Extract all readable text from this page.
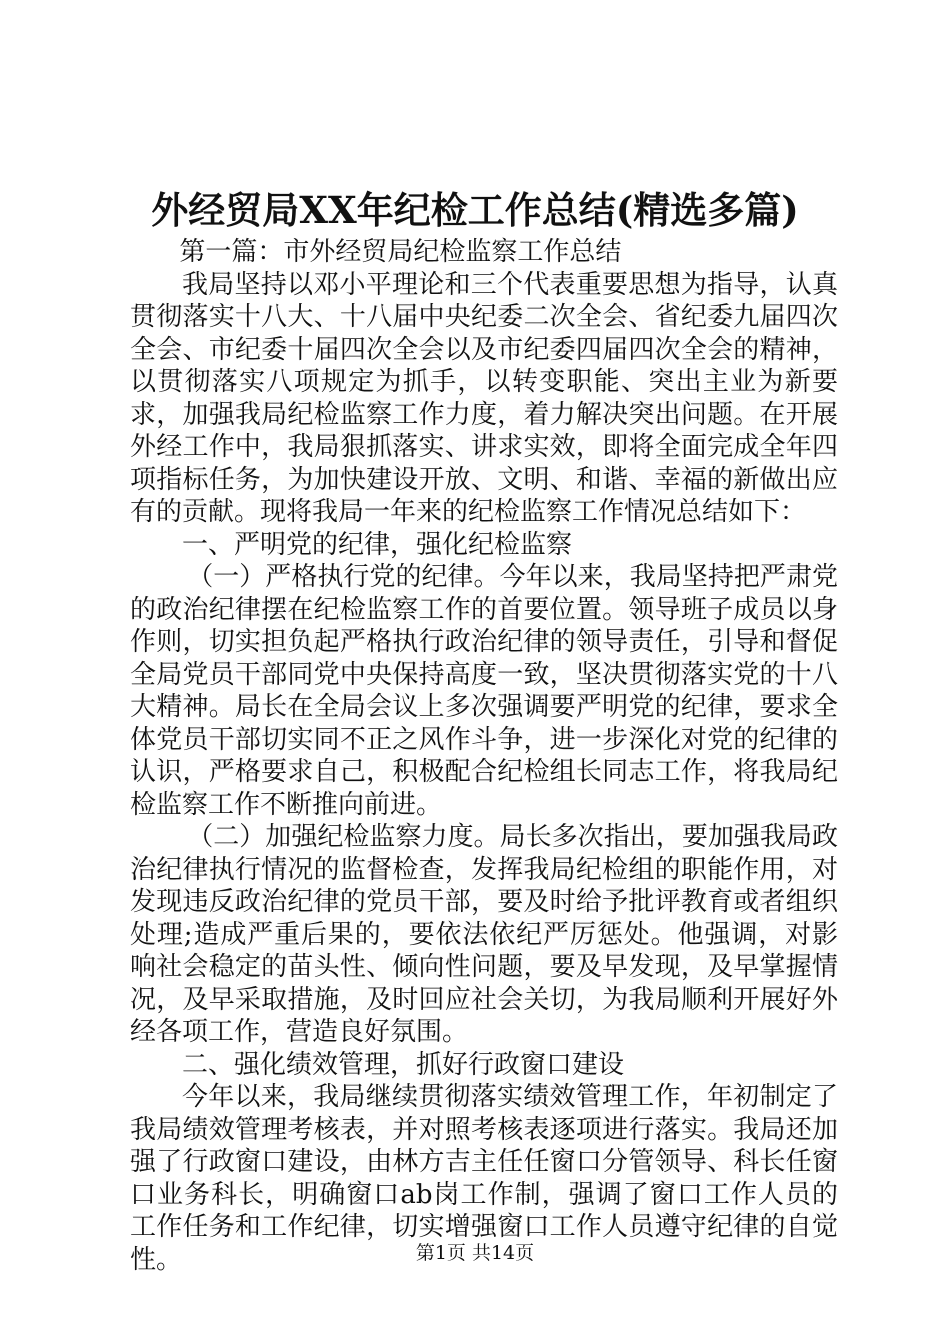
外经贸局XX年纪检工作总结(精选多篇)

第一篇：市外经贸局纪检监察工作总结

我局坚持以邓小平理论和三个代表重要思想为指导，认真贯彻落实十八大、十八届中央纪委二次全会、省纪委九届四次全会、市纪委十届四次全会以及市纪委四届四次全会的精神，以贯彻落实八项规定为抓手，以转变职能、突出主业为新要求，加强我局纪检监察工作力度，着力解决突出问题。在开展外经工作中，我局狠抓落实、讲求实效，即将全面完成全年四项指标任务，为加快建设开放、文明、和谐、幸福的新做出应有的贡献。现将我局一年来的纪检监察工作情况总结如下：

一、严明党的纪律，强化纪检监察

（一）严格执行党的纪律。今年以来，我局坚持把严肃党的政治纪律摆在纪检监察工作的首要位置。领导班子成员以身作则，切实担负起严格执行政治纪律的领导责任，引导和督促全局党员干部同党中央保持高度一致，坚决贯彻落实党的十八大精神。局长在全局会议上多次强调要严明党的纪律，要求全体党员干部切实同不正之风作斗争，进一步深化对党的纪律的认识，严格要求自己，积极配合纪检组长同志工作，将我局纪检监察工作不断推向前进。

（二）加强纪检监察力度。局长多次指出，要加强我局政治纪律执行情况的监督检查，发挥我局纪检组的职能作用，对发现违反政治纪律的党员干部，要及时给予批评教育或者组织处理;造成严重后果的，要依法依纪严厉惩处。他强调，对影响社会稳定的苗头性、倾向性问题，要及早发现，及早掌握情况，及早采取措施，及时回应社会关切，为我局顺利开展好外经各项工作，营造良好氛围。

二、强化绩效管理，抓好行政窗口建设

今年以来，我局继续贯彻落实绩效管理工作，年初制定了我局绩效管理考核表，并对照考核表逐项进行落实。我局还加强了行政窗口建设，由林方吉主任任窗口分管领导、科长任窗口业务科长，明确窗口ab岗工作制，强调了窗口工作人员的工作任务和工作纪律，切实增强窗口工作人员遵守纪律的自觉性。	第1页 共14页
